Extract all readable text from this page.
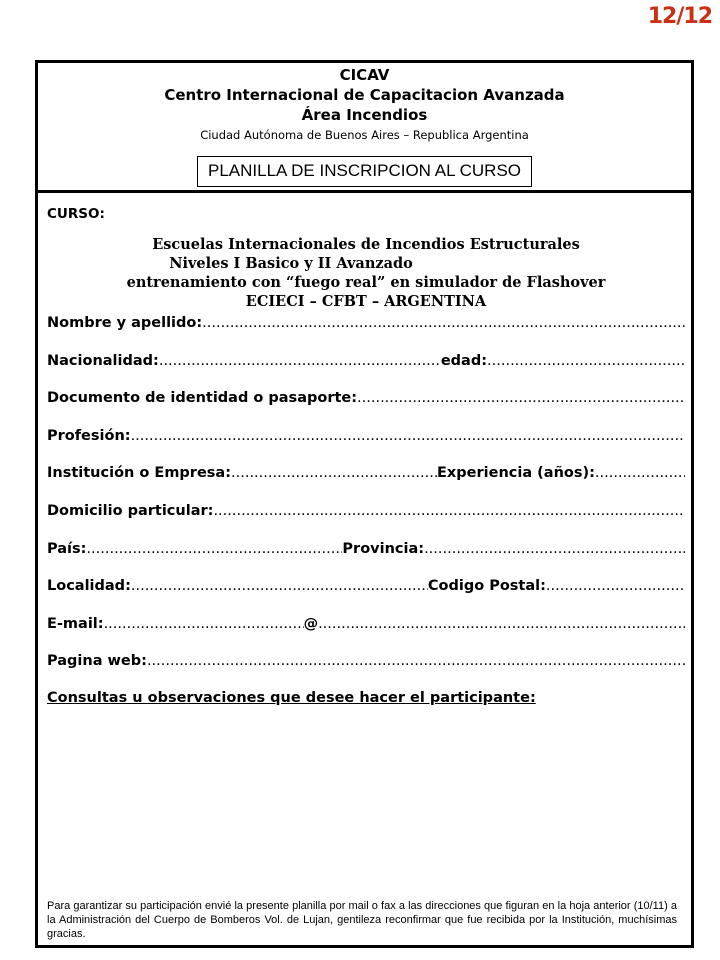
12/12
CICAV
Centro Internacional de Capacitacion Avanzada
Área Incendios
Ciudad Autónoma de Buenos Aires – Republica Argentina
PLANILLA DE INSCRIPCION AL CURSO
CURSO:
Escuelas Internacionales de Incendios Estructurales
Niveles I Basico y II Avanzado
entrenamiento con “fuego real” en simulador de Flashover
ECIECI – CFBT – ARGENTINA
Nombre y apellido:
.....
Nacionalidad: .....	edad:
.....
Documento de identidad o pasaporte:
.....
Profesión:
.....
Institución o Empresa: .....	Experiencia (años):
.....
Domicilio particular:
.....
País: .....	Provincia:
.....
Localidad: .....	Codigo Postal:
.....
E-mail: .....	@
.....
Pagina web:
.....
Consultas u observaciones que desee hacer el participante:
Para garantizar su participación envié la presente planilla por mail o fax a las direcciones que figuran en la hoja anterior (10/11) a la Administración del Cuerpo de Bomberos Vol. de Lujan, gentileza reconfirmar que fue recibida por la Institución, muchísimas gracias.
